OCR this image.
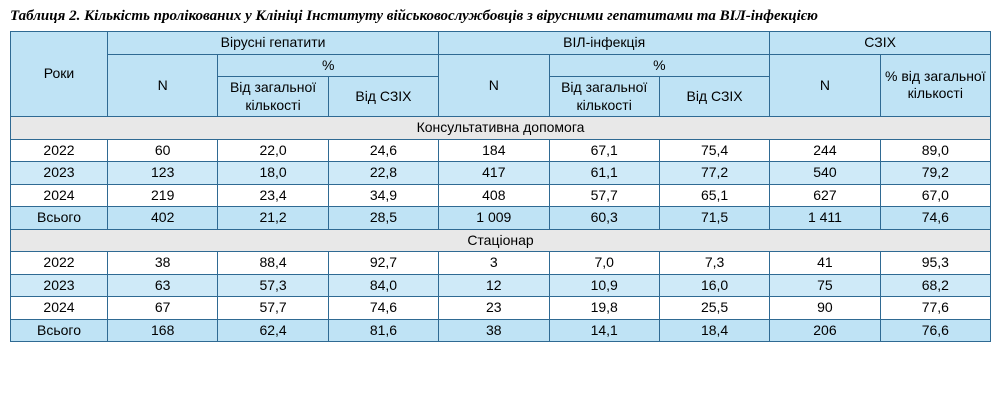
Таблиця 2. Кількість пролікованих у Клініці Інституту військовослужбовців з вірусними гепатитами та ВІЛ-інфекцією
Роки	Вірусні гепатити			ВІЛ-інфекція			СЗІХ	
	N	%		N	%		N	% від загальної кількості
		Від загальної кількості	Від СЗІХ		Від загальної кількості	Від СЗІХ		
Консультативна допомога								
2022	60	22,0	24,6	184	67,1	75,4	244	89,0
2023	123	18,0	22,8	417	61,1	77,2	540	79,2
2024	219	23,4	34,9	408	57,7	65,1	627	67,0
Всього	402	21,2	28,5	1 009	60,3	71,5	1 411	74,6
Стаціонар								
2022	38	88,4	92,7	3	7,0	7,3	41	95,3
2023	63	57,3	84,0	12	10,9	16,0	75	68,2
2024	67	57,7	74,6	23	19,8	25,5	90	77,6
Всього	168	62,4	81,6	38	14,1	18,4	206	76,6
